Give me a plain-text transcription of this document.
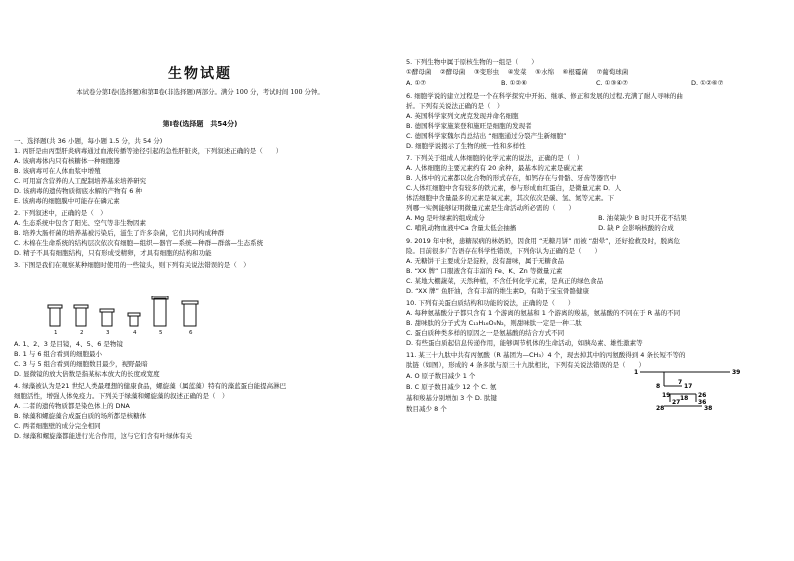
生物试题
本试卷分第Ⅰ卷(选择题)和第Ⅱ卷(非选择题)两部分。满分 100 分，考试时间 100 分钟。
第Ⅰ卷(选择题　共54分)
一、选择题(共 36 小题，每小题 1.5 分，共 54 分)
1. 丙肝是由丙型肝炎病毒通过血液传播等途径引起的急性肝脏炎，下列叙述正确的是（　　）
A. 该病毒体内只有核糖体一种细胞器
B. 该病毒可在人体血浆中增殖
C. 可用富含营养的人工配制培养基来培养研究
D. 该病毒的遗传物质彻底水解的产物有 6 种
E. 该病毒的细胞膜中可能存在磷元素
2. 下列叙述中，正确的是（　）
A. 生态系统中包含了阳光、空气等非生物因素
B. 培养大肠杆菌的培养基被污染后，滋生了许多杂菌，它们共同构成种群
C. 木棉在生命系统的结构层次依次有细胞—组织—器官—系统—种群—群落—生态系统
D. 精子不具有细胞结构，只有形成受精卵，才具有细胞的结构和功能
3. 下图是我们在观察某种细胞时使用的一些镜头，则下列有关说法错误的是（　）
1	2	3	4	5	6
A. 1、2、3 是目镜，4、5、6 是物镜
B. 1 与 6 组合看到的细胞最小
C. 3 与 5 组合看到的细胞数目最少，视野最暗
D. 显微镜的放大倍数是指某标本放大的长度或宽度
4. 绿藻被认为是21 世纪人类最理想的健康食品，螺旋藻（属蓝藻）特有的藻蓝蛋白能提高淋巴
细胞活性，增强人体免疫力。下列关于绿藻和螺旋藻的叙述正确的是（　）
A. 二者的遗传物质都是染色体上的 DNA
B. 绿藻和螺旋藻合成蛋白质的场所都是核糖体
C. 两者细胞壁的成分完全相同
D. 绿藻和螺旋藻都能进行光合作用，这与它们含有叶绿体有关
5. 下列生物中属于原核生物的一组是（　　）
①酵母菌  ②酵母菌  ③变形虫  ④发菜  ⑤水绵  ⑥根霉菌  ⑦葡萄球菌
A. ①⑦	B. ①②⑥	C. ①③④⑦	D. ①②⑥⑦
6. 细胞学说的建立过程是一个在科学探究中开拓、继承、修正和发展的过程,充满了耐人寻味的曲
折。下列有关说法正确的是（　）
A. 英国科学家列文虎克发现并命名细胞
B. 德国科学家施莱登和施旺是细胞的发现者
C. 德国科学家魏尔肖总结出 “细胞通过分裂产生新细胞”
D. 细胞学说揭示了生物的统一性和多样性
7. 下列关于组成人体细胞的化学元素的说法，正确的是（　）
A. 人体细胞的主要元素约有 20 余种，最基本的元素是碳元素
B. 人体中的元素都以化合物的形式存在，如钙存在与骨骼、牙齿等器官中
C.人体红细胞中含有较多的铁元素，参与形成血红蛋白，是微量元素 D．人
体活细胞中含量最多的元素是氧元素，其次依次是碳、氢、氮等元素。下
列哪一实例能够证明微量元素是生命活动所必需的（　　）
A. Mg 是叶绿素的组成成分	B. 油菜缺少 B 时只开花不结果
C. 哺乳动物血液中Ca 含量太低会抽搐	D. 缺 P 会影响核酸的合成
9. 2019 年中秋，患糖尿病的林奶奶，因食用 “无糖月饼” 而被 “甜晕”，还好抢救及时，脱离危
险。目前很多广告语存在科学性错误，下列你认为正确的是（　　）
A. 无糖饼干主要成分是淀粉，没有甜味，属于无糖食品
B. “XX 牌” 口服液含有丰富的 Fe、K、Zn 等微量元素
C. 某地大棚蔬菜，天然种植，不含任何化学元素，是真正的绿色食品
D. “XX 牌” 鱼肝油，含有丰富的维生素D，有助于宝宝骨骼健康
10. 下列有关蛋白质结构和功能的说法，正确的是（　　）
A. 每种氨基酸分子都只含有 1 个游离的氨基和 1 个游离的羧基，氨基酸的不同在于 R 基的不同
B. 甜味肽的分子式为 C₁₃H₁₆O₅N₂，则甜味肽一定是一种二肽
C. 蛋白质种类多样的原因之一是氨基酸的结合方式不同
D. 有些蛋白质起信息传递作用，能够调节机体的生命活动，如胰岛素、雄性激素等
11. 某三十九肽中共有丙氨酸（R 基团为—CH₃）4 个，现去掉其中的丙氨酸得到 4 条长短不等的
肽链（如图），形成的 4 条多肽与原三十九肽相比，下列有关说法错误的是（　　）
A. O 原子数目减少 1 个
B. C 原子数目减少 12 个 C. 氨
基和羧基分别增加 3 个 D. 肽键
数目减少 8 个
1	39
8	17
7
19	26
18
27	36
28	38
